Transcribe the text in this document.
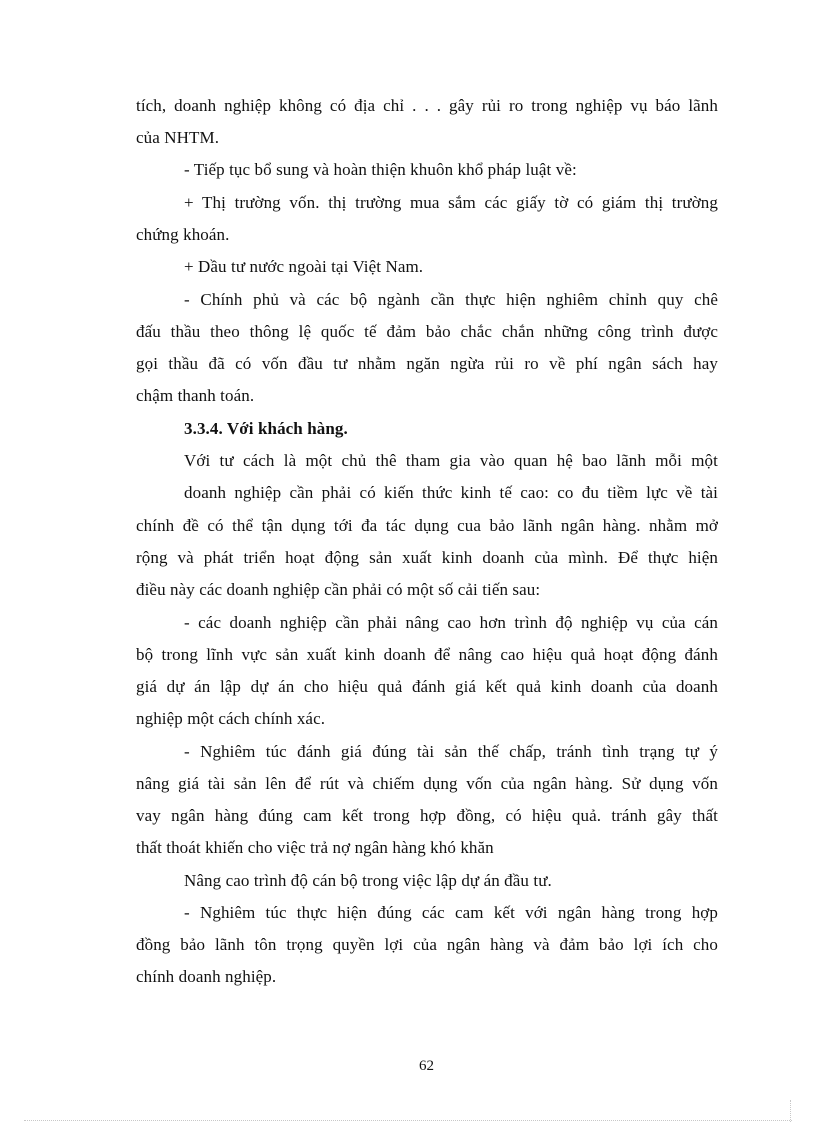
tích, doanh nghiệp không có địa chỉ . . . gây rủi ro trong nghiệp vụ báo lãnh
của NHTM.
- Tiếp tục bổ sung và hoàn thiện khuôn khổ pháp luật về:
+ Thị trường vốn. thị trường mua sắm các giấy tờ có giám thị trường
chứng khoán.
+ Dầu tư nước ngoài tại Việt Nam.
- Chính phủ và các bộ ngành cần thực hiện nghiêm chỉnh quy chê
đấu thầu theo thông lệ quốc tế đảm bảo chắc chắn những công trình được
gọi thầu đã có vốn đầu tư nhằm ngăn ngừa rủi ro về phí ngân sách hay
chậm thanh toán.
3.3.4. Với khách hàng.
Với tư cách là một chủ thê tham gia vào quan hệ bao lãnh mỗi một
doanh nghiệp cần phải có kiến thức kinh tế cao: co đu tiềm lực về tài
chính đề có thể tận dụng tới đa tác dụng cua bảo lãnh ngân hàng. nhằm mở
rộng và phát triển hoạt động sản xuất kinh doanh của mình. Để thực hiện
điều này các doanh nghiệp cần phải có một số cải tiến sau:
- các doanh nghiệp cần phải nâng cao hơn trình độ nghiệp vụ của cán
bộ trong lĩnh vực sản xuất kinh doanh để nâng cao hiệu quả hoạt động đánh
giá dự án lập dự án cho hiệu quả đánh giá kết quả kinh doanh của doanh
nghiệp một cách chính xác.
- Nghiêm túc đánh giá đúng tài sản thế chấp, tránh tình trạng tự ý
nâng giá tài sản lên để rút và chiếm dụng vốn của ngân hàng. Sử dụng vốn
vay ngân hàng đúng cam kết trong hợp đồng, có hiệu quả. tránh gây thất
thất thoát khiến cho việc trả nợ ngân hàng khó khăn
Nâng cao trình độ cán bộ trong việc lập dự án đầu tư.
- Nghiêm túc thực hiện đúng các cam kết với ngân hàng trong hợp
đồng bảo lãnh tôn trọng quyền lợi của ngân hàng và đảm bảo lợi ích cho
chính doanh nghiệp.
62
